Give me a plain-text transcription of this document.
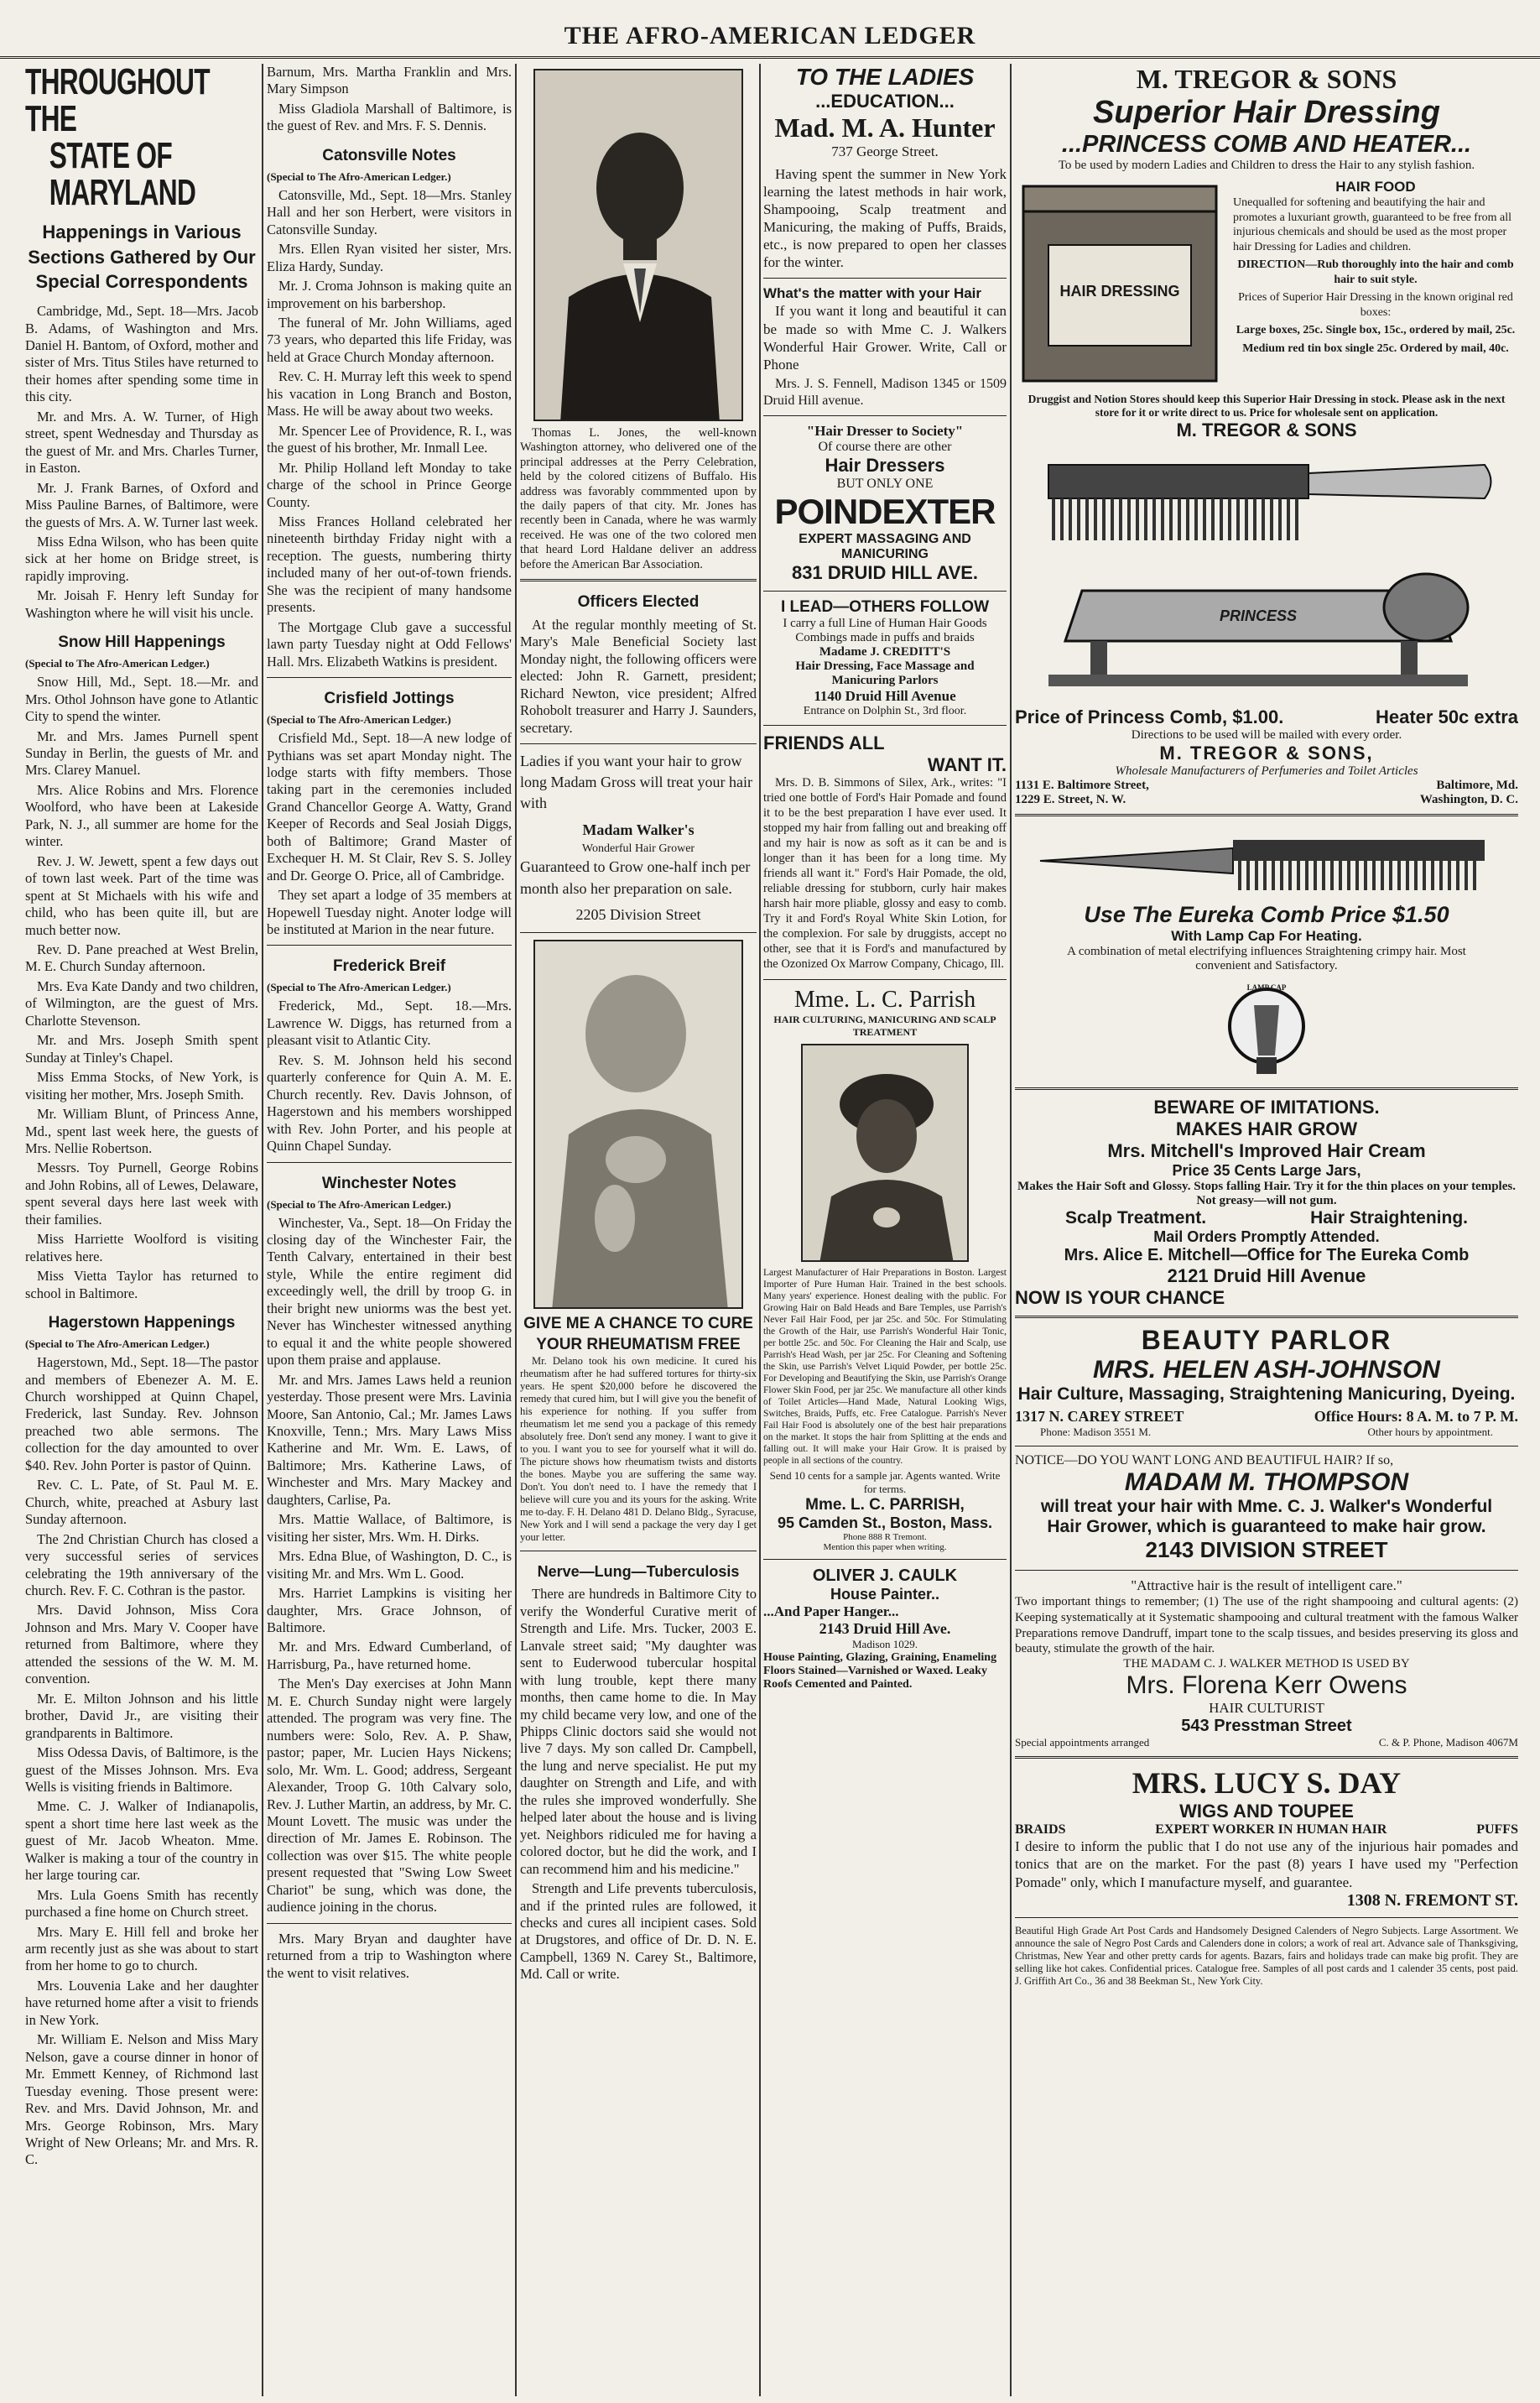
THE AFRO-AMERICAN LEDGER
THROUGHOUT THE
STATE OF MARYLAND
Happenings in Various Sections Gathered by Our Special Correspondents

Cambridge, Md., Sept. 18—Mrs. Jacob B. Adams, of Washington and Mrs. Daniel H. Bantom, of Oxford, mother and sister of Mrs. Titus Stiles have returned to their homes after spending some time in this city.

Mr. and Mrs. A. W. Turner, of High street, spent Wednesday and Thursday as the guest of Mr. and Mrs. Charles Turner, in Easton.

Mr. J. Frank Barnes, of Oxford and Miss Pauline Barnes, of Baltimore, were the guests of Mrs. A. W. Turner last week.

Miss Edna Wilson, who has been quite sick at her home on Bridge street, is rapidly improving.

Mr. Joisah F. Henry left Sunday for Washington where he will visit his uncle.

Snow Hill Happenings
(Special to The Afro-American Ledger.)

Snow Hill, Md., Sept. 18.—Mr. and Mrs. Othol Johnson have gone to Atlantic City to spend the winter.

Mr. and Mrs. James Purnell spent Sunday in Berlin, the guests of Mr. and Mrs. Clarey Manuel.

Mrs. Alice Robins and Mrs. Florence Woolford, who have been at Lakeside Park, N. J., all summer are home for the winter.

Rev. J. W. Jewett, spent a few days out of town last week. Part of the time was spent at St Michaels with his wife and child, who has been quite ill, but are much better now.

Rev. D. Pane preached at West Brelin, M. E. Church Sunday afternoon.

Mrs. Eva Kate Dandy and two children, of Wilmington, are the guest of Mrs. Charlotte Stevenson.

Mr. and Mrs. Joseph Smith spent Sunday at Tinley's Chapel.

Miss Emma Stocks, of New York, is visiting her mother, Mrs. Joseph Smith.

Mr. William Blunt, of Princess Anne, Md., spent last week here, the guests of Mrs. Nellie Robertson.

Messrs. Toy Purnell, George Robins and John Robins, all of Lewes, Delaware, spent several days here last week with their families.

Miss Harriette Woolford is visiting relatives here.

Miss Vietta Taylor has returned to school in Baltimore.

Hagerstown Happenings
(Special to The Afro-American Ledger.)

Hagerstown, Md., Sept. 18—The pastor and members of Ebenezer A. M. E. Church worshipped at Quinn Chapel, Frederick, last Sunday. Rev. Johnson preached two able sermons. The collection for the day amounted to over $40. Rev. John Porter is pastor of Quinn.

Rev. C. L. Pate, of St. Paul M. E. Church, white, preached at Asbury last Sunday afternoon.

The 2nd Christian Church has closed a very successful series of services celebrating the 19th anniversary of the church. Rev. F. C. Cothran is the pastor.

Mrs. David Johnson, Miss Cora Johnson and Mrs. Mary V. Cooper have returned from Baltimore, where they attended the sessions of the W. M. M. convention.

Mr. E. Milton Johnson and his little brother, David Jr., are visiting their grandparents in Baltimore.

Miss Odessa Davis, of Baltimore, is the guest of the Misses Johnson. Mrs. Eva Wells is visiting friends in Baltimore.

Mme. C. J. Walker of Indianapolis, spent a short time here last week as the guest of Mr. Jacob Wheaton. Mme. Walker is making a tour of the country in her large touring car.

Mrs. Lula Goens Smith has recently purchased a fine home on Church street.

Mrs. Mary E. Hill fell and broke her arm recently just as she was about to start from her home to go to church.

Mrs. Louvenia Lake and her daughter have returned home after a visit to friends in New York.

Mr. William E. Nelson and Miss Mary Nelson, gave a course dinner in honor of Mr. Emmett Kenney, of Richmond last Tuesday evening. Those present were: Rev. and Mrs. David Johnson, Mr. and Mrs. George Robinson, Mrs. Mary Wright of New Orleans; Mr. and Mrs. R. C.

Barnum, Mrs. Martha Franklin and Mrs. Mary Simpson

Miss Gladiola Marshall of Baltimore, is the guest of Rev. and Mrs. F. S. Dennis.

Catonsville Notes
(Special to The Afro-American Ledger.)

Catonsville, Md., Sept. 18—Mrs. Stanley Hall and her son Herbert, were visitors in Catonsville Sunday.

Mrs. Ellen Ryan visited her sister, Mrs. Eliza Hardy, Sunday.

Mr. J. Croma Johnson is making quite an improvement on his barbershop.

The funeral of Mr. John Williams, aged 73 years, who departed this life Friday, was held at Grace Church Monday afternoon.

Rev. C. H. Murray left this week to spend his vacation in Long Branch and Boston, Mass. He will be away about two weeks.

Mr. Spencer Lee of Providence, R. I., was the guest of his brother, Mr. Inmall Lee.

Mr. Philip Holland left Monday to take charge of the school in Prince George County.

Miss Frances Holland celebrated her nineteenth birthday Friday night with a reception. The guests, numbering thirty included many of her out-of-town friends. She was the recipient of many handsome presents.

The Mortgage Club gave a successful lawn party Tuesday night at Odd Fellows' Hall. Mrs. Elizabeth Watkins is president.

Crisfield Jottings
(Special to The Afro-American Ledger.)

Crisfield Md., Sept. 18—A new lodge of Pythians was set apart Monday night. The lodge starts with fifty members. Those taking part in the ceremonies included Grand Chancellor George A. Watty, Grand Keeper of Records and Seal Josiah Diggs, both of Baltimore; Grand Master of Exchequer H. M. St Clair, Rev S. S. Jolley and Dr. George O. Price, all of Cambridge.

They set apart a lodge of 35 members at Hopewell Tuesday night. Anoter lodge will be instituted at Marion in the near future.

Frederick Breif
(Special to The Afro-American Ledger.)

Frederick, Md., Sept. 18.—Mrs. Lawrence W. Diggs, has returned from a pleasant visit to Atlantic City.

Rev. S. M. Johnson held his second quarterly conference for Quin A. M. E. Church recently. Rev. Davis Johnson, of Hagerstown and his members worshipped with Rev. John Porter, and his people at Quinn Chapel Sunday.

Winchester Notes
(Special to The Afro-American Ledger.)

Winchester, Va., Sept. 18—On Friday the closing day of the Winchester Fair, the Tenth Calvary, entertained in their best style, While the entire regiment did exceedingly well, the drill by troop G. in their bright new uniorms was the best yet. Never has Winchester witnessed anything to equal it and the white people showered upon them praise and applause.

Mr. and Mrs. James Laws held a reunion yesterday. Those present were Mrs. Lavinia Moore, San Antonio, Cal.; Mr. James Laws Knoxville, Tenn.; Mrs. Mary Laws Miss Katherine and Mr. Wm. E. Laws, of Baltimore; Mrs. Katherine Laws, of Winchester and Mrs. Mary Mackey and daughters, Carlise, Pa.

Mrs. Mattie Wallace, of Baltimore, is visiting her sister, Mrs. Wm. H. Dirks.

Mrs. Edna Blue, of Washington, D. C., is visiting Mr. and Mrs. Wm L. Good.

Mrs. Harriet Lampkins is visiting her daughter, Mrs. Grace Johnson, of Baltimore.

Mr. and Mrs. Edward Cumberland, of Harrisburg, Pa., have returned home.

The Men's Day exercises at John Mann M. E. Church Sunday night were largely attended. The program was very fine. The numbers were: Solo, Rev. A. P. Shaw, pastor; paper, Mr. Lucien Hays Nickens; solo, Mr. Wm. L. Good; address, Sergeant Alexander, Troop G. 10th Calvary solo, Rev. J. Luther Martin, an address, by Mr. C. Mount Lovett. The music was under the direction of Mr. James E. Robinson. The collection was over $15. The white people present requested that "Swing Low Sweet Chariot" be sung, which was done, the audience joining in the chorus.

Mrs. Mary Bryan and daughter have returned from a trip to Washington where the went to visit relatives.

Thomas L. Jones, the well-known Washington attorney, who delivered one of the principal addresses at the Perry Celebration, held by the colored citizens of Buffalo. His address was favorably commmented upon by the daily papers of that city. Mr. Jones has recently been in Canada, where he was warmly received. He was one of the two colored men that heard Lord Haldane deliver an address before the American Bar Association.

Officers Elected

At the regular monthly meeting of St. Mary's Male Beneficial Society last Monday night, the following officers were elected: John R. Garnett, president; Richard Newton, vice president; Alfred Rohobolt treasurer and Harry J. Saunders, secretary.

Ladies if you want your hair to grow long Madam Gross will treat your hair with
Madam Walker's
Wonderful Hair Grower
Guaranteed to Grow one-half inch per month also her preparation on sale.
2205 Division Street
GIVE ME A CHANCE TO CURE YOUR RHEUMATISM FREE

Mr. Delano took his own medicine. It cured his rheumatism after he had suffered tortures for thirty-six years. He spent $20,000 before he discovered the remedy that cured him, but I will give you the benefit of his experience for nothing. If you suffer from rheumatism let me send you a package of this remedy absolutely free. Don't send any money. I want to give it to you. I want you to see for yourself what it will do. The picture shows how rheumatism twists and distorts the bones. Maybe you are suffering the same way. Don't. You don't need to. I have the remedy that I believe will cure you and its yours for the asking. Write me to-day. F. H. Delano 481 D. Delano Bldg., Syracuse, New York and I will send a package the very day I get your letter.

Nerve—Lung—Tuberculosis

There are hundreds in Baltimore City to verify the Wonderful Curative merit of Strength and Life. Mrs. Tucker, 2003 E. Lanvale street said; "My daughter was sent to Euderwood tubercular hospital with lung trouble, kept there many months, then came home to die. In May my child became very low, and one of the Phipps Clinic doctors said she would not live 7 days. My son called Dr. Campbell, the lung and nerve specialist. He put my daughter on Strength and Life, and with the rules she improved wonderfully. She helped later about the house and is living yet. Neighbors ridiculed me for having a colored doctor, but he did the work, and I can recommend him and his medicine."

Strength and Life prevents tuberculosis, and if the printed rules are followed, it checks and cures all incipient cases. Sold at Drugstores, and office of Dr. D. N. E. Campbell, 1369 N. Carey St., Baltimore, Md. Call or write.

TO THE LADIES
...EDUCATION...
Mad. M. A. Hunter
737 George Street.

Having spent the summer in New York learning the latest methods in hair work, Shampooing, Scalp treatment and Manicuring, the making of Puffs, Braids, etc., is now prepared to open her classes for the winter.

What's the matter with your Hair

If you want it long and beautiful it can be made so with Mme C. J. Walkers Wonderful Hair Grower. Write, Call or Phone

Mrs. J. S. Fennell, Madison 1345 or 1509 Druid Hill avenue.

"Hair Dresser to Society"
Of course there are other
Hair Dressers
BUT ONLY ONE
POINDEXTER
EXPERT MASSAGING AND MANICURING
831 DRUID HILL AVE.
I LEAD—OTHERS FOLLOW
I carry a full Line of Human Hair Goods
Combings made in puffs and braids
Madame J. CREDITT'S
Hair Dressing, Face Massage and Manicuring Parlors
1140 Druid Hill Avenue
Entrance on Dolphin St., 3rd floor.
FRIENDS ALL
WANT IT.

Mrs. D. B. Simmons of Silex, Ark., writes: "I tried one bottle of Ford's Hair Pomade and found it to be the best preparation I have ever used. It stopped my hair from falling out and breaking off and my hair is now as soft as it can be and is longer than it has been for a long time. My friends all want it." Ford's Hair Pomade, the old, reliable dressing for stubborn, curly hair makes harsh hair more pliable, glossy and easy to comb. Try it and Ford's Royal White Skin Lotion, for the complexion. For sale by druggists, accept no other, see that it is Ford's and manufactured by the Ozonized Ox Marrow Company, Chicago, Ill.

Mme. L. C. Parrish
HAIR CULTURING, MANICURING AND SCALP TREATMENT

Largest Manufacturer of Hair Preparations in Boston. Largest Importer of Pure Human Hair. Trained in the best schools. Many years' experience. Honest dealing with the public. For Growing Hair on Bald Heads and Bare Temples, use Parrish's Never Fail Hair Food, per jar 25c. and 50c. For Stimulating the Growth of the Hair, use Parrish's Wonderful Hair Tonic, per bottle 25c. and 50c. For Cleaning the Hair and Scalp, use Parrish's Head Wash, per jar 25c. For Cleaning and Softening the Skin, use Parrish's Velvet Liquid Powder, per bottle 25c. For Developing and Beautifying the Skin, use Parrish's Orange Flower Skin Food, per jar 25c. We manufacture all other kinds of Toilet Articles—Hand Made, Natural Looking Wigs, Switches, Braids, Puffs, etc. Free Catalogue. Parrish's Never Fail Hair Food is absolutely one of the best hair preparations on the market. It stops the hair from Splitting at the ends and falling out. It will make your Hair Grow. It is praised by people in all sections of the country.

Send 10 cents for a sample jar. Agents wanted. Write for terms.
Mme. L. C. PARRISH,
95 Camden St., Boston, Mass.
Phone 888 R Tremont.
Mention this paper when writing.
OLIVER J. CAULK
House Painter..
...And Paper Hanger...
2143 Druid Hill Ave.
Madison 1029.
House Painting, Glazing, Graining, Enameling Floors Stained—Varnished or Waxed. Leaky Roofs Cemented and Painted.
M. TREGOR & SONS
Superior Hair Dressing
...PRINCESS COMB AND HEATER...
To be used by modern Ladies and Children to dress the Hair to any stylish fashion.
HAIR DRESSING
HAIR FOOD
Unequalled for softening and beautifying the hair and promotes a luxuriant growth, guaranteed to be free from all injurious chemicals and should be used as the most proper hair Dressing for Ladies and children.
DIRECTION—Rub thoroughly into the hair and comb hair to suit style.
Prices of Superior Hair Dressing in the known original red boxes:
Large boxes, 25c. Single box, 15c., ordered by mail, 25c.
Medium red tin box single 25c. Ordered by mail, 40c.
Druggist and Notion Stores should keep this Superior Hair Dressing in stock. Please ask in the next store for it or write direct to us. Price for wholesale sent on application.
M. TREGOR & SONS
PRINCESS
Price of Princess Comb, $1.00.	Heater 50c extra
Directions to be used will be mailed with every order.
M. TREGOR & SONS,
Wholesale Manufacturers of Perfumeries and Toilet Articles
1131 E. Baltimore Street,	Baltimore, Md.
1229 E. Street, N. W.	Washington, D. C.
Use The Eureka Comb Price $1.50
With Lamp Cap For Heating.
A combination of metal electrifying influences Straightening crimpy hair. Most convenient and Satisfactory.
LAMP CAP
BEWARE OF IMITATIONS.
MAKES HAIR GROW
Mrs. Mitchell's Improved Hair Cream
Price 35 Cents Large Jars,
Makes the Hair Soft and Glossy. Stops falling Hair. Try it for the thin places on your temples. Not greasy—will not gum.
Scalp Treatment.	Hair Straightening.
Mail Orders Promptly Attended.
Mrs. Alice E. Mitchell—Office for The Eureka Comb
2121 Druid Hill Avenue
NOW IS YOUR CHANCE
BEAUTY PARLOR
MRS. HELEN ASH-JOHNSON
Hair Culture, Massaging, Straightening Manicuring, Dyeing.
1317 N. CAREY STREET	Office Hours: 8 A. M. to 7 P. M.
Phone: Madison 3551 M.	Other hours by appointment.
NOTICE—DO YOU WANT LONG AND BEAUTIFUL HAIR? If so,
MADAM M. THOMPSON
will treat your hair with Mme. C. J. Walker's Wonderful Hair Grower, which is guaranteed to make hair grow.
2143 DIVISION STREET
"Attractive hair is the result of intelligent care."
Two important things to remember; (1) The use of the right shampooing and cultural agents: (2) Keeping systematically at it Systematic shampooing and cultural treatment with the famous Walker Preparations remove Dandruff, impart tone to the scalp tissues, and besides preserving its gloss and beauty, stimulate the growth of the hair.
THE MADAM C. J. WALKER METHOD IS USED BY
Mrs. Florena Kerr Owens
HAIR CULTURIST
543 Presstman Street
Special appointments arranged	C. & P. Phone, Madison 4067M
MRS. LUCY S. DAY
WIGS AND TOUPEE
BRAIDS	EXPERT WORKER IN HUMAN HAIR	PUFFS
I desire to inform the public that I do not use any of the injurious hair pomades and tonics that are on the market. For the past (8) years I have used my "Perfection Pomade" only, which I manufacture myself, and guarantee.
1308 N. FREMONT ST.
Beautiful High Grade Art Post Cards and Handsomely Designed Calenders of Negro Subjects. Large Assortment. We announce the sale of Negro Post Cards and Calenders done in colors; a work of real art. Advance sale of Thanksgiving, Christmas, New Year and other pretty cards for agents. Bazars, fairs and holidays trade can make big profit. They are selling like hot cakes. Confidential prices. Catalogue free. Samples of all post cards and 1 calender 35 cents, post paid. J. Griffith Art Co., 36 and 38 Beekman St., New York City.
